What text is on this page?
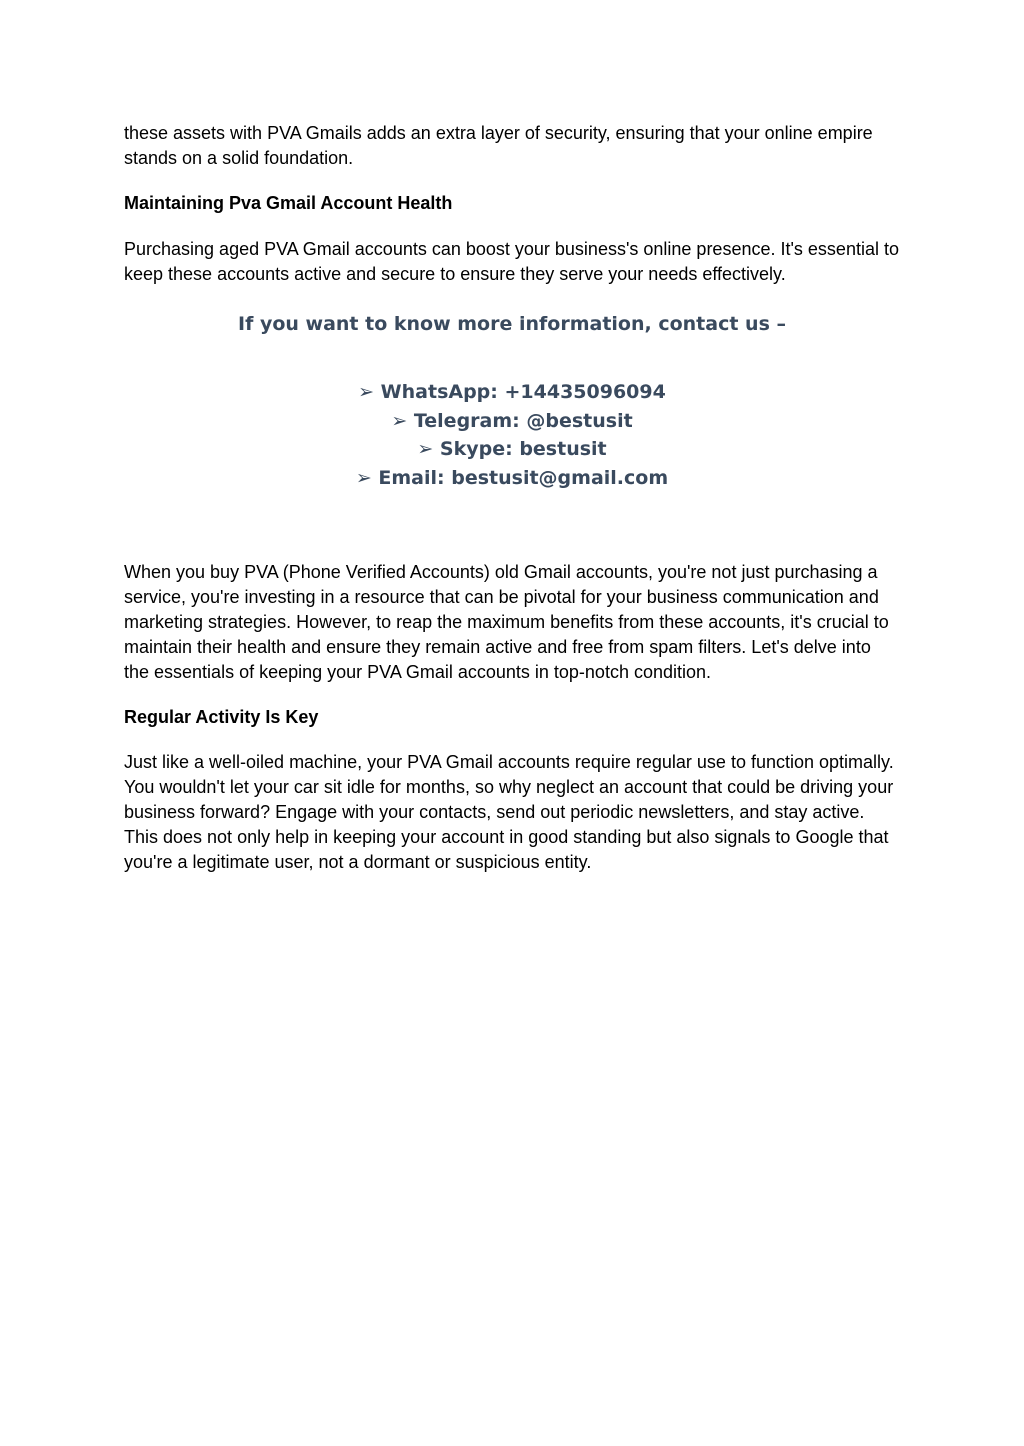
these assets with PVA Gmails adds an extra layer of security, ensuring that your online empire stands on a solid foundation.

Maintaining Pva Gmail Account Health

Purchasing aged PVA Gmail accounts can boost your business's online presence. It's essential to keep these accounts active and secure to ensure they serve your needs effectively.

If you want to know more information, contact us –

➢ WhatsApp: +14435096094
➢ Telegram: @bestusit
➢ Skype: bestusit
➢ Email: bestusit@gmail.com

When you buy PVA (Phone Verified Accounts) old Gmail accounts, you're not just purchasing a service, you're investing in a resource that can be pivotal for your business communication and marketing strategies. However, to reap the maximum benefits from these accounts, it's crucial to maintain their health and ensure they remain active and free from spam filters. Let's delve into the essentials of keeping your PVA Gmail accounts in top-notch condition.

Regular Activity Is Key

Just like a well-oiled machine, your PVA Gmail accounts require regular use to function optimally. You wouldn't let your car sit idle for months, so why neglect an account that could be driving your business forward? Engage with your contacts, send out periodic newsletters, and stay active. This does not only help in keeping your account in good standing but also signals to Google that you're a legitimate user, not a dormant or suspicious entity.
